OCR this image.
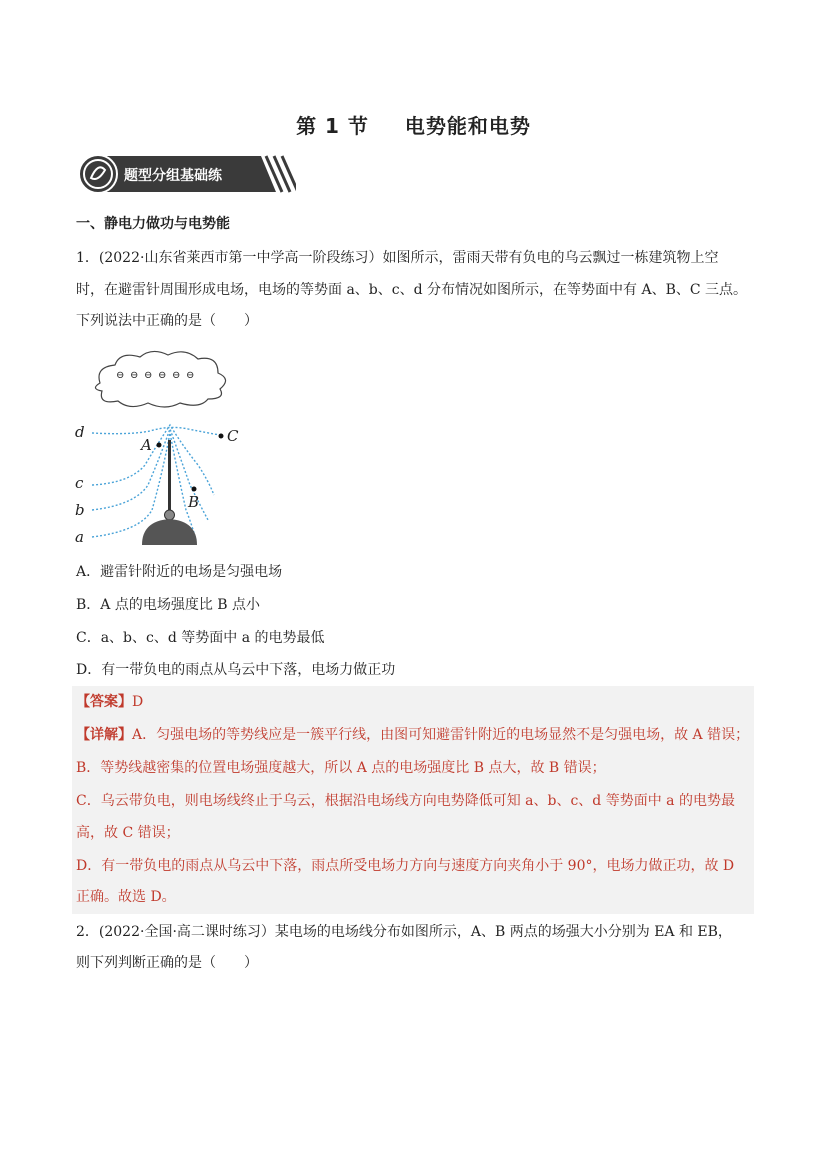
第 1 节 电势能和电势
题型分组基础练
一、静电力做功与电势能
1．(2022·山东省莱西市第一中学高一阶段练习）如图所示，雷雨天带有负电的乌云飘过一栋建筑物上空
时，在避雷针周围形成电场，电场的等势面 a、b、c、d 分布情况如图所示，在等势面中有 A、B、C 三点。
下列说法中正确的是（　　）
⊖ ⊖ ⊖ ⊖ ⊖ ⊖
d
c
b
a
A
B
C
A．避雷针附近的电场是匀强电场
B．A 点的电场强度比 B 点小
C．a、b、c、d 等势面中 a 的电势最低
D．有一带负电的雨点从乌云中下落，电场力做正功
【答案】D
【详解】A．匀强电场的等势线应是一簇平行线，由图可知避雷针附近的电场显然不是匀强电场，故 A 错误；
B．等势线越密集的位置电场强度越大，所以 A 点的电场强度比 B 点大，故 B 错误；
C．乌云带负电，则电场线终止于乌云，根据沿电场线方向电势降低可知 a、b、c、d 等势面中 a 的电势最
高，故 C 错误；
D．有一带负电的雨点从乌云中下落，雨点所受电场力方向与速度方向夹角小于 90°，电场力做正功，故 D
正确。故选 D。
2．(2022·全国·高二课时练习）某电场的电场线分布如图所示，A、B 两点的场强大小分别为 EA 和 EB，
则下列判断正确的是（　　）
